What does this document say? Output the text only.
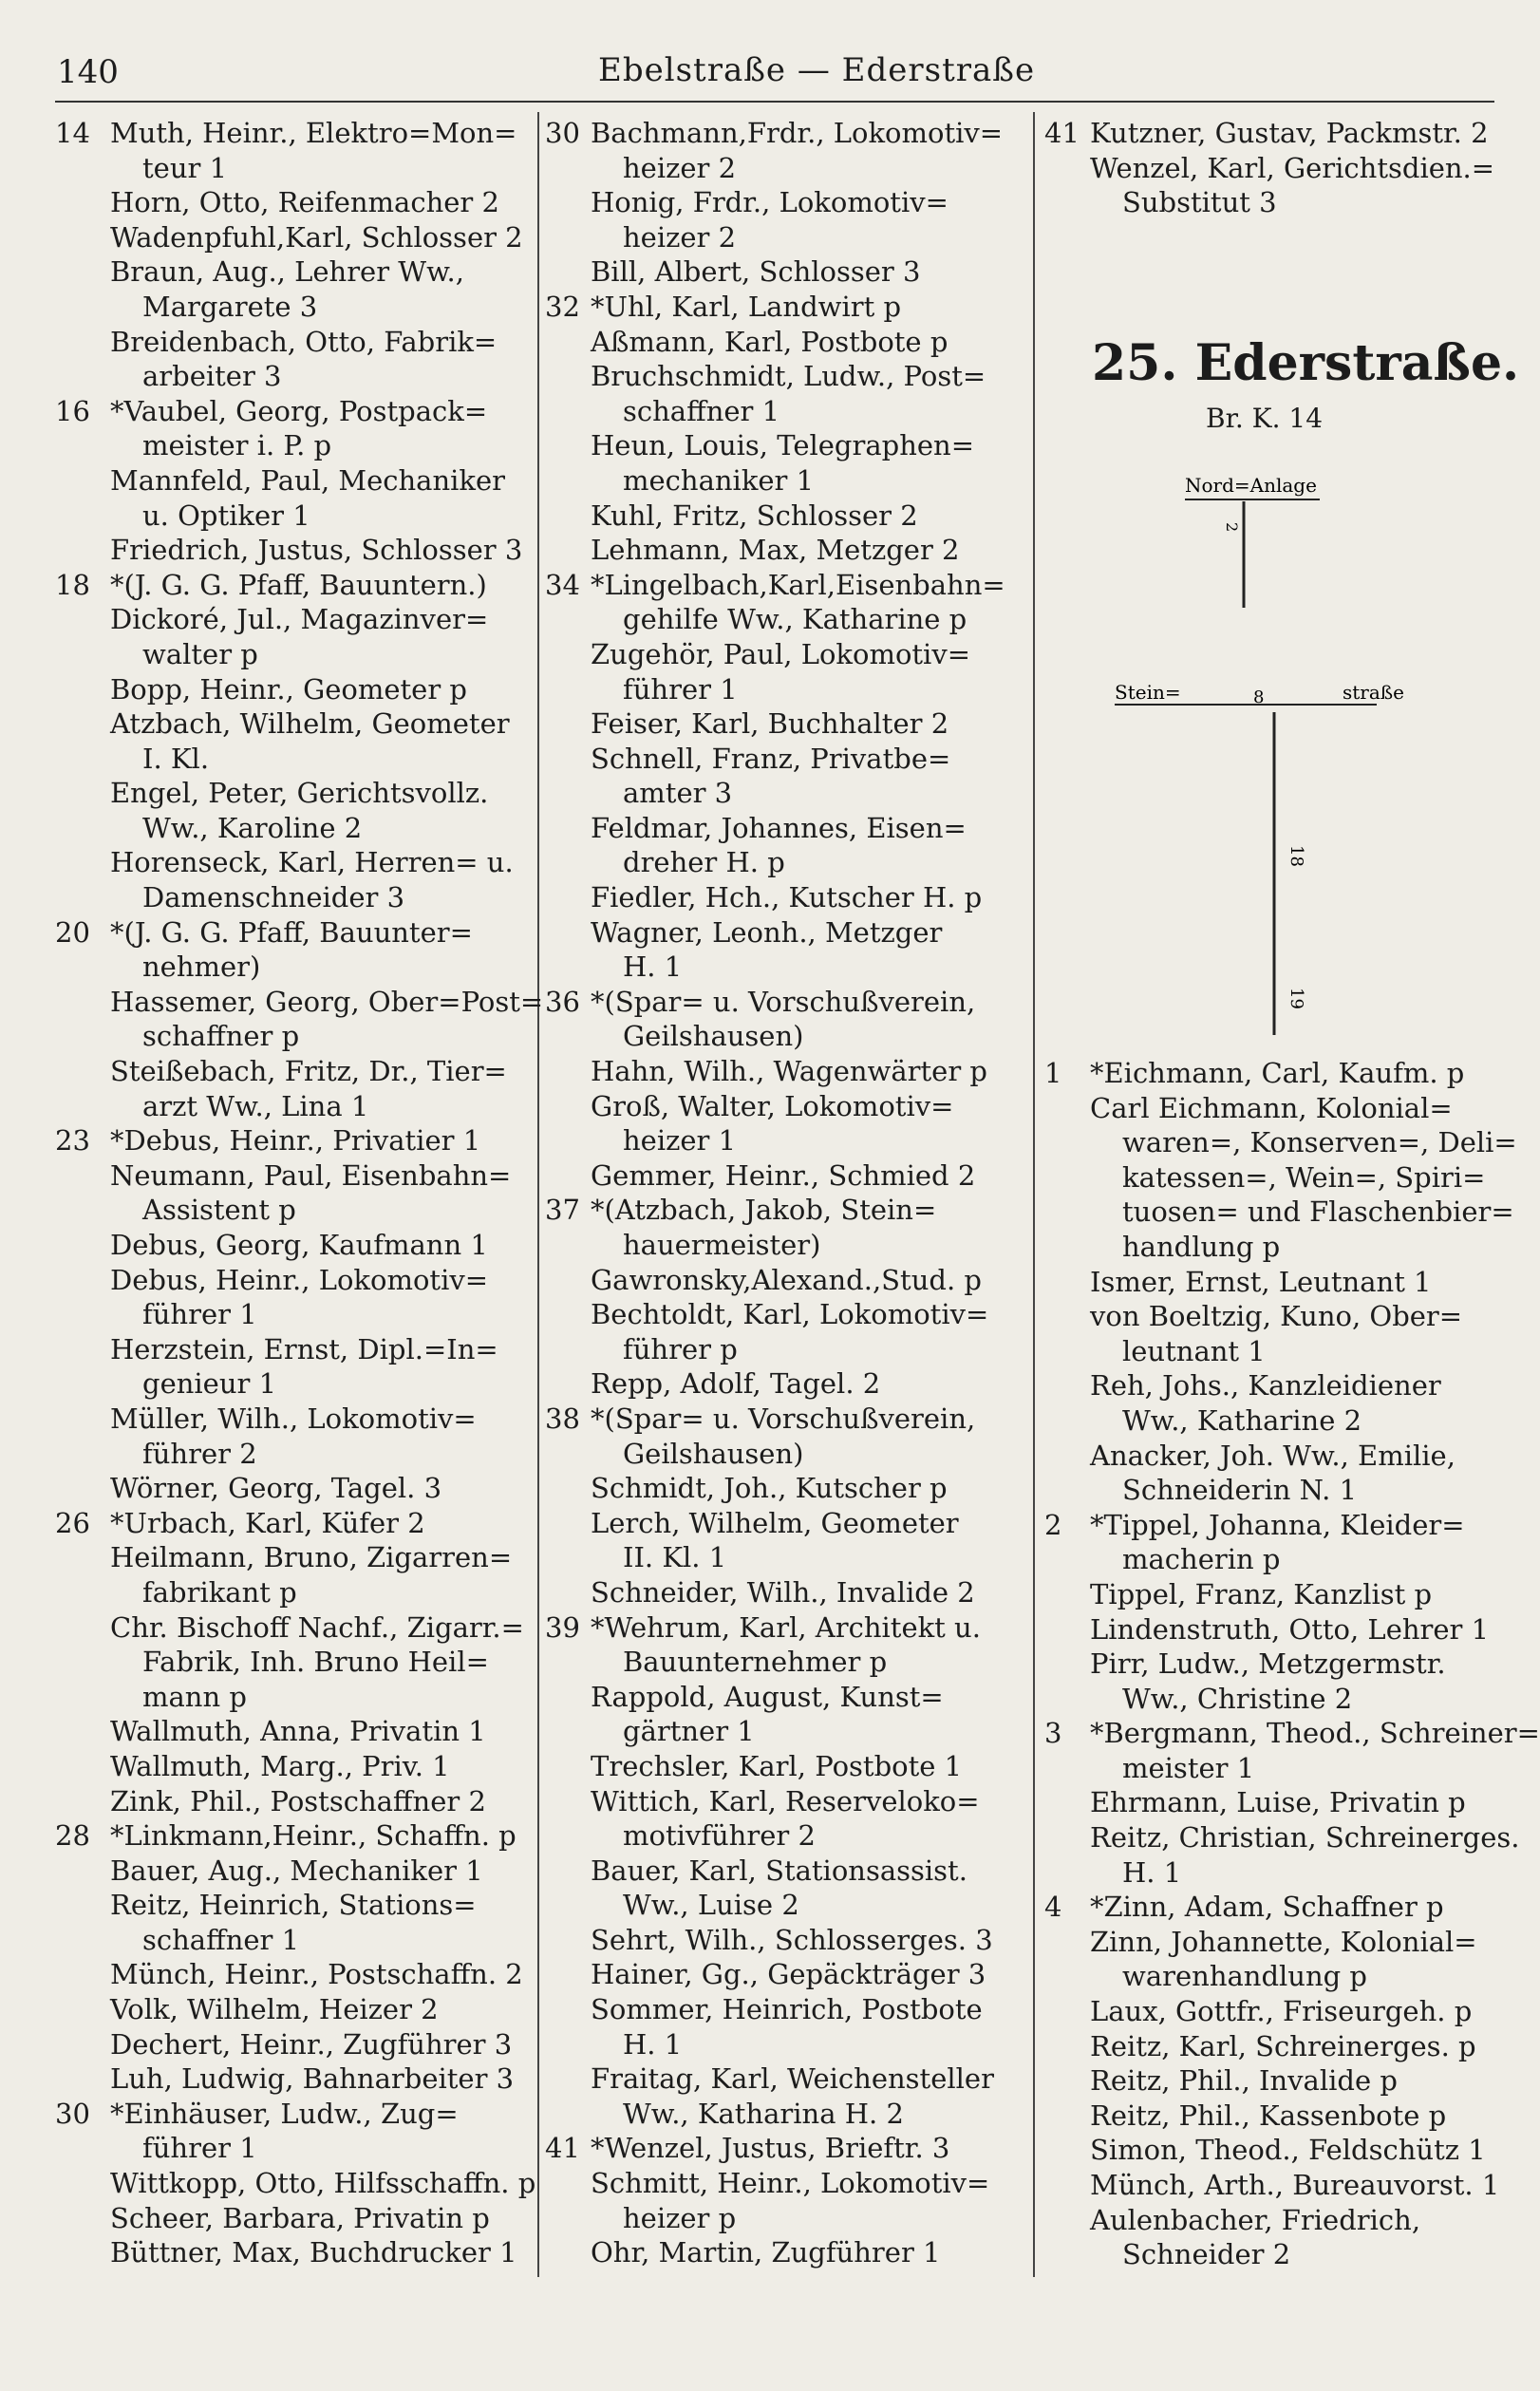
140	Ebelstraße — Ederstraße
14 Muth, Heinr., Elektro=Mon=
teur 1
Horn, Otto, Reifenmacher 2
Wadenpfuhl,Karl, Schlosser 2
Braun, Aug., Lehrer Ww.,
Margarete 3
Breidenbach, Otto, Fabrik=
arbeiter 3
16 *Vaubel, Georg, Postpack=
meister i. P. p
Mannfeld, Paul, Mechaniker
u. Optiker 1
Friedrich, Justus, Schlosser 3
18 *(J. G. G. Pfaff, Bauuntern.)
Dickoré, Jul., Magazinver=
walter p
Bopp, Heinr., Geometer p
Atzbach, Wilhelm, Geometer
I. Kl.
Engel, Peter, Gerichtsvollz.
Ww., Karoline 2
Horenseck, Karl, Herren= u.
Damenschneider 3
20 *(J. G. G. Pfaff, Bauunter=
nehmer)
Hassemer, Georg, Ober=Post=
schaffner p
Steißebach, Fritz, Dr., Tier=
arzt Ww., Lina 1
23 *Debus, Heinr., Privatier 1
Neumann, Paul, Eisenbahn=
Assistent p
Debus, Georg, Kaufmann 1
Debus, Heinr., Lokomotiv=
führer 1
Herzstein, Ernst, Dipl.=In=
genieur 1
Müller, Wilh., Lokomotiv=
führer 2
Wörner, Georg, Tagel. 3
26 *Urbach, Karl, Küfer 2
Heilmann, Bruno, Zigarren=
fabrikant p
Chr. Bischoff Nachf., Zigarr.=
Fabrik, Inh. Bruno Heil=
mann p
Wallmuth, Anna, Privatin 1
Wallmuth, Marg., Priv. 1
Zink, Phil., Postschaffner 2
28 *Linkmann,Heinr., Schaffn. p
Bauer, Aug., Mechaniker 1
Reitz, Heinrich, Stations=
schaffner 1
Münch, Heinr., Postschaffn. 2
Volk, Wilhelm, Heizer 2
Dechert, Heinr., Zugführer 3
Luh, Ludwig, Bahnarbeiter 3
30 *Einhäuser, Ludw., Zug=
führer 1
Wittkopp, Otto, Hilfsschaffn. p
Scheer, Barbara, Privatin p
Büttner, Max, Buchdrucker 1
30 Bachmann,Frdr., Lokomotiv=
heizer 2
Honig, Frdr., Lokomotiv=
heizer 2
Bill, Albert, Schlosser 3
32 *Uhl, Karl, Landwirt p
Aßmann, Karl, Postbote p
Bruchschmidt, Ludw., Post=
schaffner 1
Heun, Louis, Telegraphen=
mechaniker 1
Kuhl, Fritz, Schlosser 2
Lehmann, Max, Metzger 2
34 *Lingelbach,Karl,Eisenbahn=
gehilfe Ww., Katharine p
Zugehör, Paul, Lokomotiv=
führer 1
Feiser, Karl, Buchhalter 2
Schnell, Franz, Privatbe=
amter 3
Feldmar, Johannes, Eisen=
dreher H. p
Fiedler, Hch., Kutscher H. p
Wagner, Leonh., Metzger
H. 1
36 *(Spar= u. Vorschußverein,
Geilshausen)
Hahn, Wilh., Wagenwärter p
Groß, Walter, Lokomotiv=
heizer 1
Gemmer, Heinr., Schmied 2
37 *(Atzbach, Jakob, Stein=
hauermeister)
Gawronsky,Alexand.,Stud. p
Bechtoldt, Karl, Lokomotiv=
führer p
Repp, Adolf, Tagel. 2
38 *(Spar= u. Vorschußverein,
Geilshausen)
Schmidt, Joh., Kutscher p
Lerch, Wilhelm, Geometer
II. Kl. 1
Schneider, Wilh., Invalide 2
39 *Wehrum, Karl, Architekt u.
Bauunternehmer p
Rappold, August, Kunst=
gärtner 1
Trechsler, Karl, Postbote 1
Wittich, Karl, Reserveloko=
motivführer 2
Bauer, Karl, Stationsassist.
Ww., Luise 2
Sehrt, Wilh., Schlosserges. 3
Hainer, Gg., Gepäckträger 3
Sommer, Heinrich, Postbote
H. 1
Fraitag, Karl, Weichensteller
Ww., Katharina H. 2
41 *Wenzel, Justus, Brieftr. 3
Schmitt, Heinr., Lokomotiv=
heizer p
Ohr, Martin, Zugführer 1
41 Kutzner, Gustav, Packmstr. 2
Wenzel, Karl, Gerichtsdien.=
Substitut 3
25. Ederstraße.
Br. K. 14
Nord=Anlage
2
Stein=	straße
8
18
19
1	*Eichmann, Carl, Kaufm. p
Carl Eichmann, Kolonial=
waren=, Konserven=, Deli=
katessen=, Wein=, Spiri=
tuosen= und Flaschenbier=
handlung p
Ismer, Ernst, Leutnant 1
von Boeltzig, Kuno, Ober=
leutnant 1
Reh, Johs., Kanzleidiener
Ww., Katharine 2
Anacker, Joh. Ww., Emilie,
Schneiderin N. 1
2	*Tippel, Johanna, Kleider=
macherin p
Tippel, Franz, Kanzlist p
Lindenstruth, Otto, Lehrer 1
Pirr, Ludw., Metzgermstr.
Ww., Christine 2
3	*Bergmann, Theod., Schreiner=
meister 1
Ehrmann, Luise, Privatin p
Reitz, Christian, Schreinerges.
H. 1
4	*Zinn, Adam, Schaffner p
Zinn, Johannette, Kolonial=
warenhandlung p
Laux, Gottfr., Friseurgeh. p
Reitz, Karl, Schreinerges. p
Reitz, Phil., Invalide p
Reitz, Phil., Kassenbote p
Simon, Theod., Feldschütz 1
Münch, Arth., Bureauvorst. 1
Aulenbacher, Friedrich,
Schneider 2
